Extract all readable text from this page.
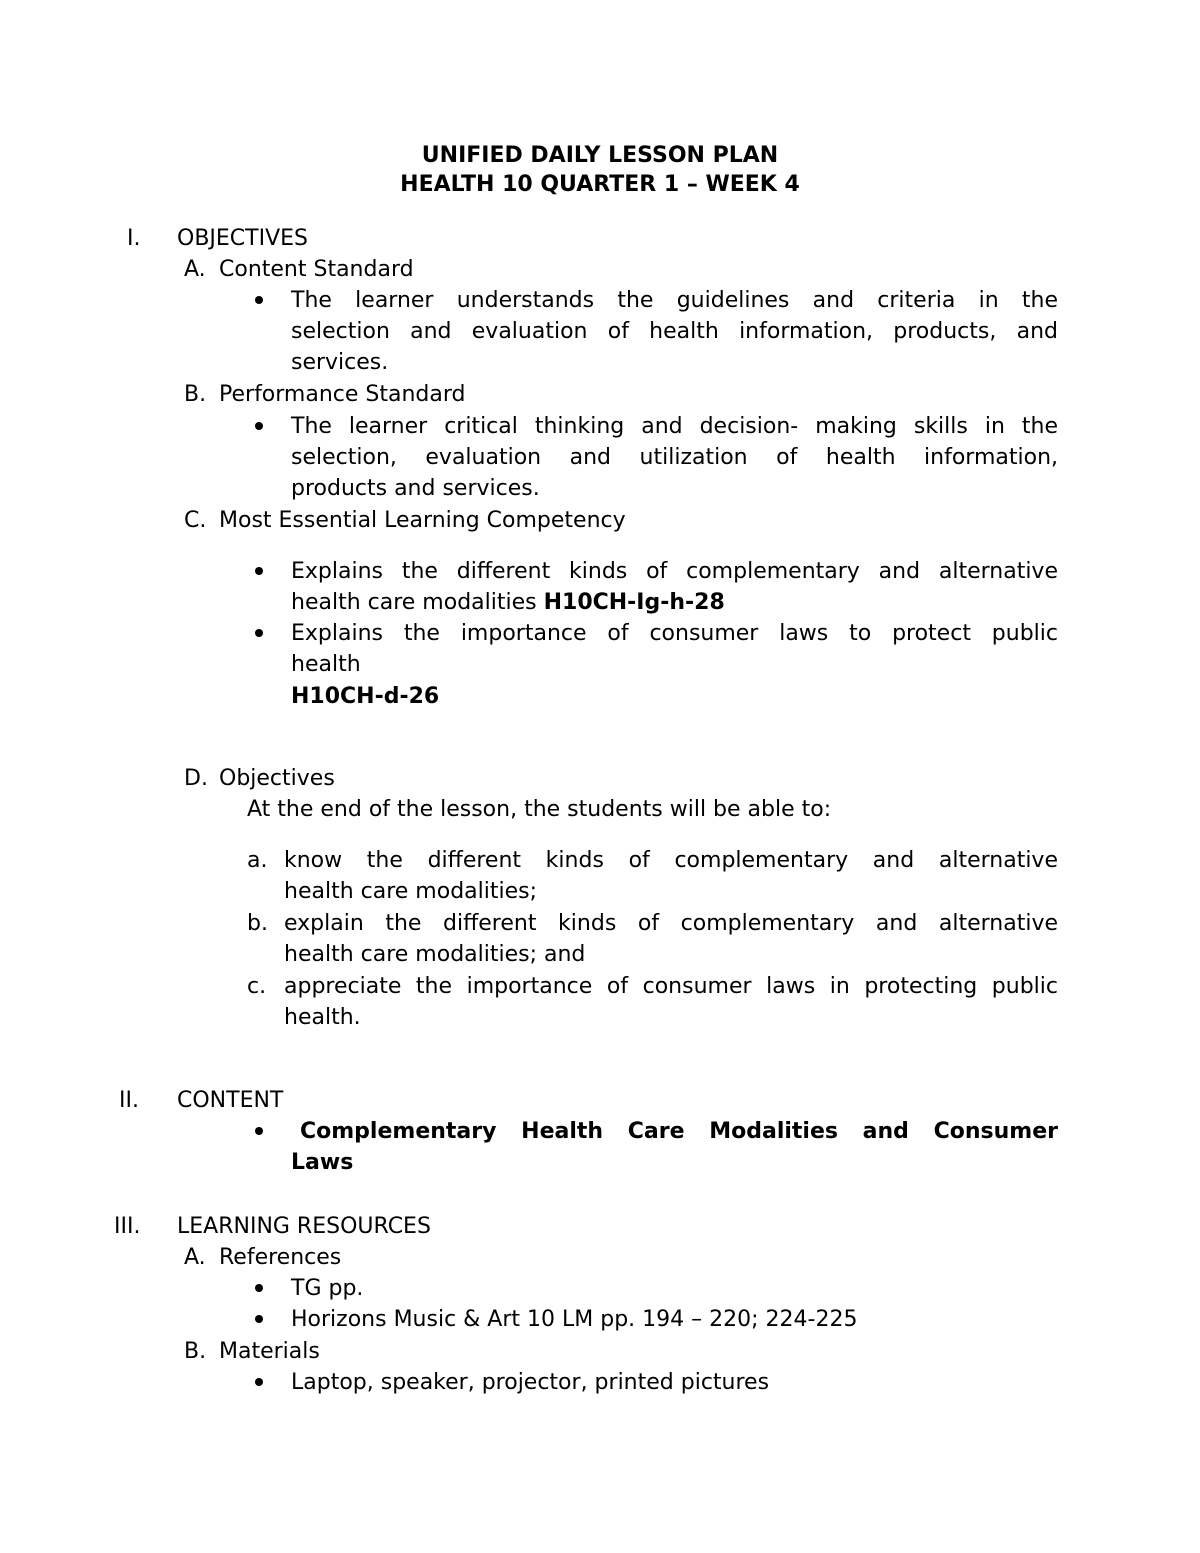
UNIFIED DAILY LESSON PLAN
HEALTH 10 QUARTER 1 – WEEK 4
I. OBJECTIVES
A. Content Standard
The learner understands the guidelines and criteria in the
selection and evaluation of health information, products, and
services.
B. Performance Standard
The learner critical thinking and decision- making skills in the
selection, evaluation and utilization of health information,
products and services.
C. Most Essential Learning Competency
Explains the different kinds of complementary and alternative
health care modalities H10CH-Ig-h-28
Explains the importance of consumer laws to protect public
health
H10CH-d-26
D. Objectives
At the end of the lesson, the students will be able to:
a. know the different kinds of complementary and alternative
health care modalities;
b. explain the different kinds of complementary and alternative
health care modalities; and
c. appreciate the importance of consumer laws in protecting public
health.
II. CONTENT
Complementary Health Care Modalities and Consumer
Laws
III. LEARNING RESOURCES
A. References
TG pp.
Horizons Music & Art 10 LM pp. 194 – 220; 224-225
B. Materials
Laptop, speaker, projector, printed pictures
